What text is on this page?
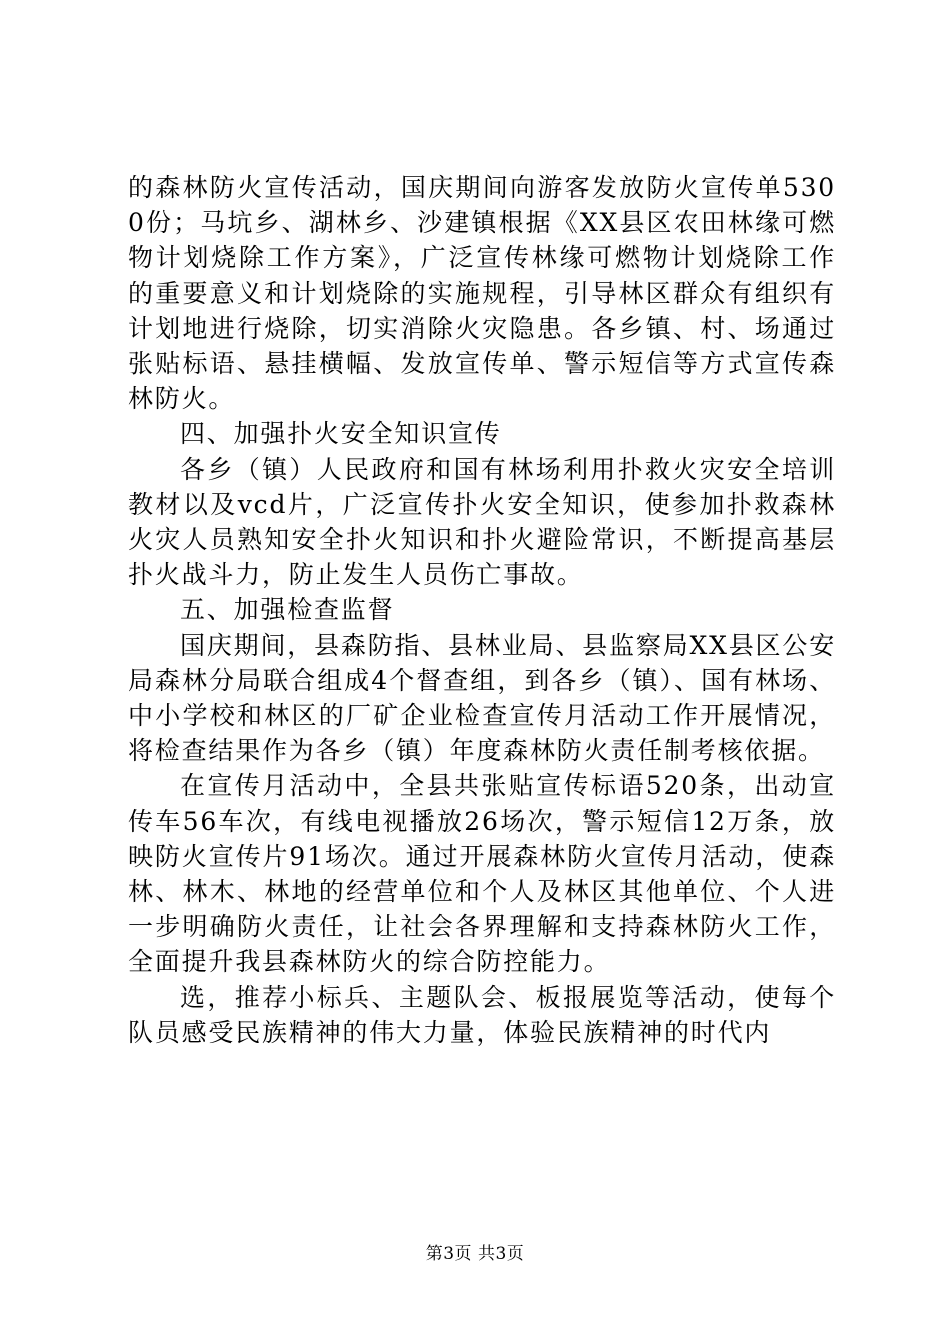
的森林防火宣传活动，国庆期间向游客发放防火宣传单5300份；马坑乡、湖林乡、沙建镇根据《XX县区农田林缘可燃物计划烧除工作方案》，广泛宣传林缘可燃物计划烧除工作的重要意义和计划烧除的实施规程，引导林区群众有组织有计划地进行烧除，切实消除火灾隐患。各乡镇、村、场通过张贴标语、悬挂横幅、发放宣传单、警示短信等方式宣传森林防火。

四、加强扑火安全知识宣传

各乡（镇）人民政府和国有林场利用扑救火灾安全培训教材以及vcd片，广泛宣传扑火安全知识，使参加扑救森林火灾人员熟知安全扑火知识和扑火避险常识，不断提高基层扑火战斗力，防止发生人员伤亡事故。

五、加强检查监督

国庆期间，县森防指、县林业局、县监察局XX县区公安局森林分局联合组成4个督查组，到各乡（镇）、国有林场、中小学校和林区的厂矿企业检查宣传月活动工作开展情况，将检查结果作为各乡（镇）年度森林防火责任制考核依据。

在宣传月活动中，全县共张贴宣传标语520条，出动宣传车56车次，有线电视播放26场次，警示短信12万条，放映防火宣传片91场次。通过开展森林防火宣传月活动，使森林、林木、林地的经营单位和个人及林区其他单位、个人进一步明确防火责任，让社会各界理解和支持森林防火工作，全面提升我县森林防火的综合防控能力。

选，推荐小标兵、主题队会、板报展览等活动，使每个队员感受民族精神的伟大力量，体验民族精神的时代内

第3页 共3页
